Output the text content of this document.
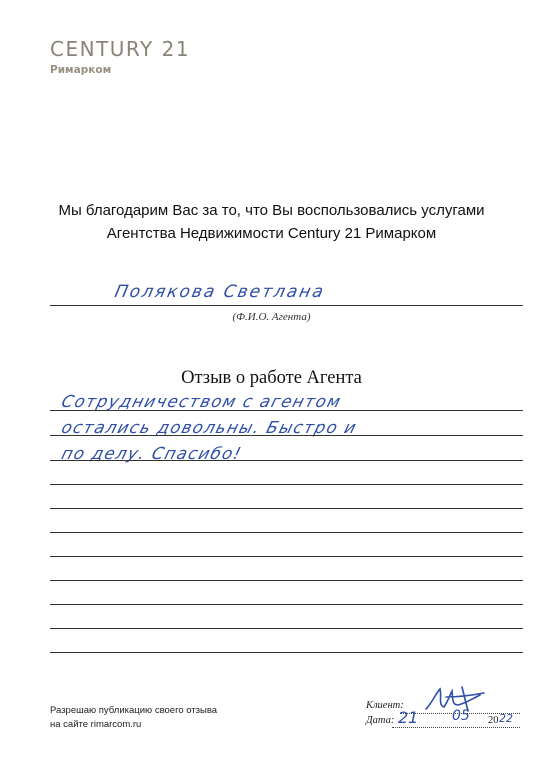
CENTURY 21
Римарком
Мы благодарим Вас за то, что Вы воспользовались услугами
Агентства Недвижимости Century 21 Римарком
Полякова Светлана
(Ф.И.О. Агента)
Отзыв о работе Агента
Сотрудничеством с агентом
остались довольны. Быстро и
по делу. Спасибо!
Разрешаю публикацию своего отзыва
на сайте rimarcom.ru
Клиент:
Дата: 21 05 20 22
